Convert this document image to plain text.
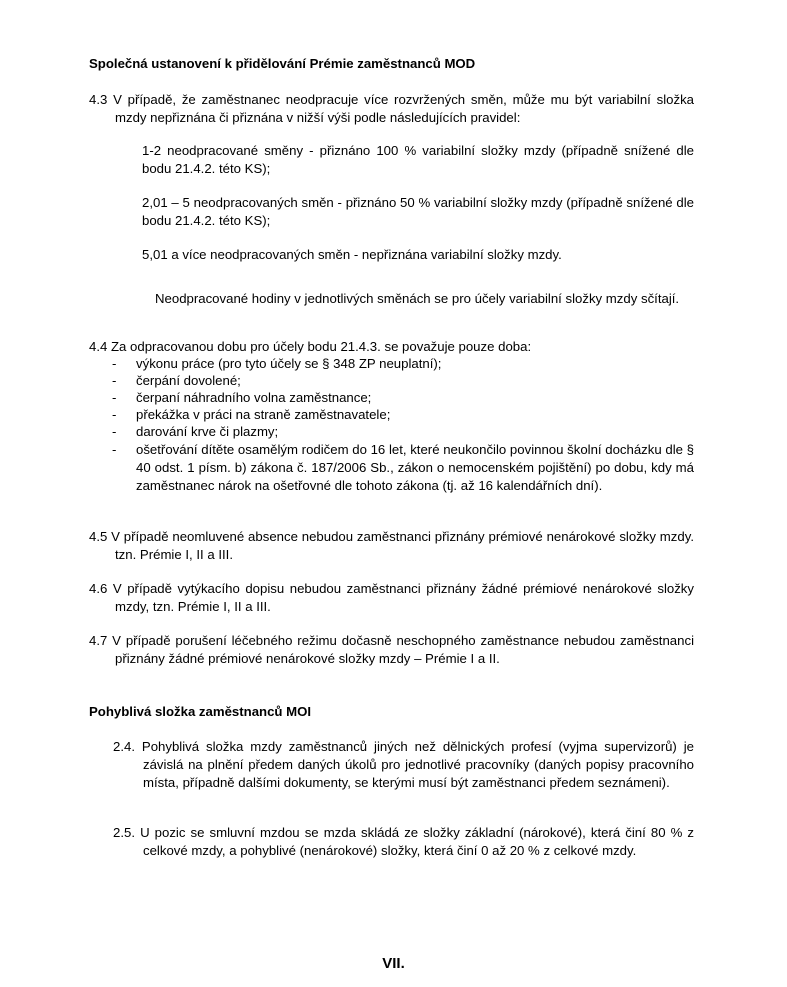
Společná ustanovení k přidělování Prémie zaměstnanců MOD
4.3 V případě, že zaměstnanec neodpracuje více rozvržených směn, může mu být variabilní složka mzdy nepřiznána či přiznána v nižší výši podle následujících pravidel:
1-2 neodpracované směny - přiznáno 100 % variabilní složky mzdy (případně snížené dle bodu 21.4.2. této KS);
2,01 – 5 neodpracovaných směn - přiznáno 50 % variabilní složky mzdy (případně snížené dle bodu 21.4.2. této KS);
5,01 a více neodpracovaných směn - nepřiznána variabilní složky mzdy.
Neodpracované hodiny v jednotlivých směnách se pro účely variabilní složky mzdy sčítají.
4.4 Za odpracovanou dobu pro účely bodu 21.4.3. se považuje pouze doba:
- výkonu práce (pro tyto účely se § 348 ZP neuplatní);
- čerpání dovolené;
- čerpaní náhradního volna zaměstnance;
- překážka v práci na straně zaměstnavatele;
- darování krve či plazmy;
- ošetřování dítěte osamělým rodičem do 16 let, které neukončilo povinnou školní docházku dle § 40 odst. 1 písm. b) zákona č. 187/2006 Sb., zákon o nemocenském pojištění) po dobu, kdy má zaměstnanec nárok na ošetřovné dle tohoto zákona (tj. až 16 kalendářních dní).
4.5 V případě neomluvené absence nebudou zaměstnanci přiznány prémiové nenárokové složky mzdy. tzn. Prémie I, II a III.
4.6 V případě vytýkacího dopisu nebudou zaměstnanci přiznány žádné prémiové nenárokové složky mzdy, tzn. Prémie I, II a III.
4.7 V případě porušení léčebného režimu dočasně neschopného zaměstnance nebudou zaměstnanci přiznány žádné prémiové nenárokové složky mzdy – Prémie I a II.
Pohyblivá složka zaměstnanců MOI
2.4. Pohyblivá složka mzdy zaměstnanců jiných než dělnických profesí (vyjma supervizorů) je závislá na plnění předem daných úkolů pro jednotlivé pracovníky (daných popisy pracovního místa, případně dalšími dokumenty, se kterými musí být zaměstnanci předem seznámeni).
2.5. U pozic se smluvní mzdou se mzda skládá ze složky základní (nárokové), která činí 80 % z celkové mzdy, a pohyblivé (nenárokové) složky, která činí 0 až 20 % z celkové mzdy.
VII.
